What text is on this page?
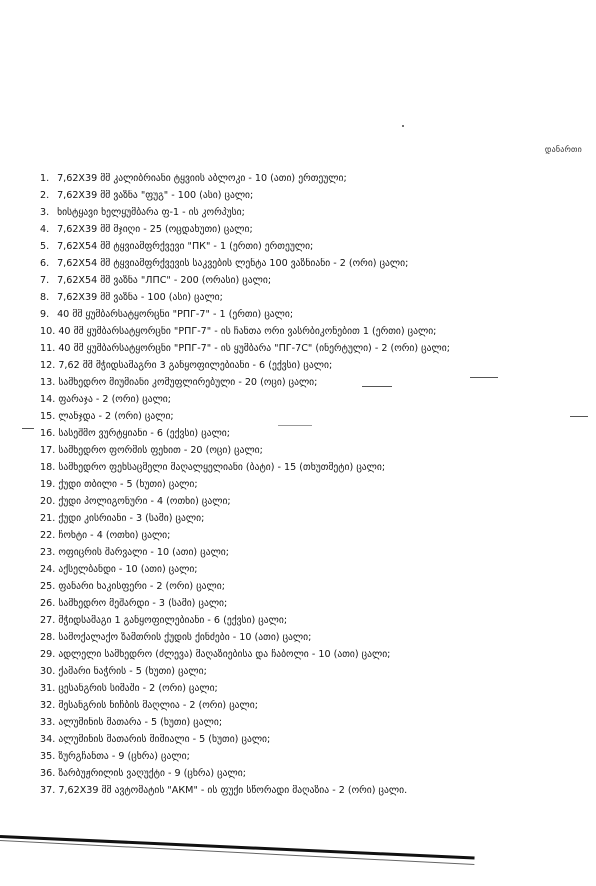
დანართი
1. 7,62X39 მმ კალიბრიანი ტყვიის აბლოკი - 10 (ათი) ერთეული;
2. 7,62X39 მმ ვაზნა "ფუგ" - 100 (ასი) ცალი;
3. ხისტყავი ხელყუმბარა ფ-1 - ის კორპუსი;
4. 7,62X39 მმ მჯიღი - 25 (ოცდახუთი) ცალი;
5. 7,62X54 მმ ტყვიამფრქვევი "ПК" - 1 (ერთი) ერთეული;
6. 7,62X54 მმ ტყვიამფრქვევის საკვების ლენტა 100 ვაზნიანი - 2 (ორი) ცალი;
7. 7,62X54 მმ ვაზნა "ЛПС" - 200 (ორასი) ცალი;
8. 7,62X39 მმ ვაზნა - 100 (ასი) ცალი;
9. 40 მმ ყუმბარსატყორცნი "РПГ-7" - 1 (ერთი) ცალი;
10. 40 მმ ყუმბარსატყორცნი "РПГ-7" - ის ჩანთა ორი ვასრბიკონებით 1 (ერთი) ცალი;
11. 40 მმ ყუმბარსატყორცნი "РПГ-7" - ის ყუმბარა "ПГ-7С" (ინერტული) - 2 (ორი) ცალი;
12. 7,62 მმ მჭიდსამაგრი 3 განყოფილებიანი - 6 (ექვსი) ცალი;
13. სამხედრო მიუმიანი კომუფლირებული - 20 (ოცი) ცალი;
14. ფარაჯა - 2 (ორი) ცალი;
15. ლანჯდა - 2 (ორი) ცალი;
16. სასეშმო ვურტყიანი - 6 (ექვსი) ცალი;
17. სამხედრო ფორმის ფეხით - 20 (ოცი) ცალი;
18. სამხედრო ფეხსაცმელი მაღალყელიანი (ბატი) - 15 (თხუთმეტი) ცალი;
19. ქუდი თბილი - 5 (ხუთი) ცალი;
20. ქუდი პოლიგონური - 4 (ოთხი) ცალი;
21. ქუდი კისრიანი - 3 (სამი) ცალი;
22. ჩოხტი - 4 (ოთხი) ცალი;
23. ოფიცრის შარვალი - 10 (ათი) ცალი;
24. აქსელბანდი - 10 (ათი) ცალი;
25. ფანარი ხაკისფერი - 2 (ორი) ცალი;
26. სამხედრო მეშარდი - 3 (სამი) ცალი;
27. მჭიდსამაგი 1 განყოფილებიანი - 6 (ექვსი) ცალი;
28. სამოქალაქო ზამთრის ქუდის ქინძები - 10 (ათი) ცალი;
29. ადლელი სამხედრო (ძლევა) მაღაზიებისა და ჩაბოლი - 10 (ათი) ცალი;
30. ქამარი ნაჭრის - 5 (ხუთი) ცალი;
31. ცესანგრის სიმაში - 2 (ორი) ცალი;
32. მესანგრის ნიჩბის მაღლია - 2 (ორი) ცალი;
33. ალუმინის მათარა - 5 (ხუთი) ცალი;
34. ალუმინის მათარის მიმიალი - 5 (ხუთი) ცალი;
35. ზურგჩანთა - 9 (ცხრა) ცალი;
36. ზარბუჟრილის ვაღუქტი - 9 (ცხრა) ცალი;
37. 7,62X39 მმ ავტომატის "АКМ" - ის ფუქი სწორადი მაღაზია - 2 (ორი) ცალი.
